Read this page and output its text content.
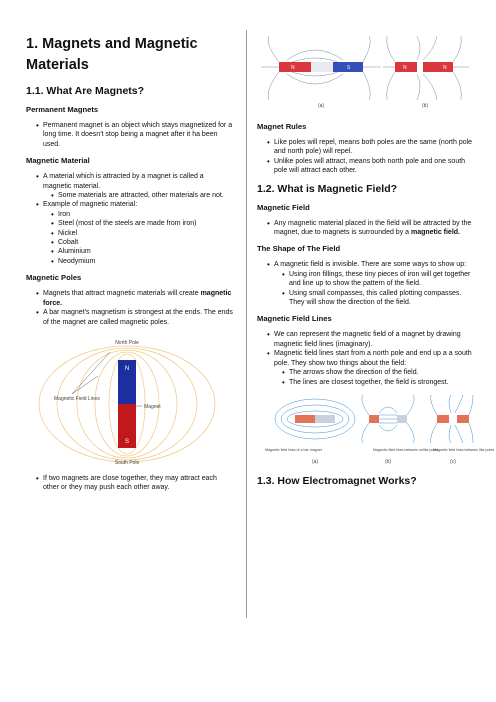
1. Magnets and Magnetic Materials
1.1. What Are Magnets?
Permanent Magnets
• Permanent magnet is an object which stays magnetized for a long time. It doesn't stop being a magnet after it ha been used.
Magnetic Material
• A material which is attracted by a magnet is called a magnetic material.
• Some materials are attracted, other materials are not.
• Example of magnetic material:
• Iron
• Steel (most of the steels are made from iron)
• Nickel
• Cobalt
• Aluminium
• Neodymium
Magnetic Poles
• Magnets that attract magnetic materials will create magnetic force.
• A bar magnet's magnetism is strongest at the ends. The ends of the magnet are called magnetic poles.
N
S
North Pole
South Pole
Magnetic Field Lines
Magnet
• If two magnets are close together, they may attract each other or they may push each other away.
N	S	N	N
(a)	(b)
Magnet Rules
• Like poles will repel, means both poles are the same (north pole and north pole) will repel.
• Unlike poles will attract, means both north pole and one south pole will attract each other.
1.2. What is Magnetic Field?
Magnetic Field
• Any magnetic material placed in the field will be attracted by the magnet, due to magnets is surrounded by a magnetic field.
The Shape of The Field
• A magnetic field is invisible. There are some ways to show up:
• Using iron fillings, these tiny pieces of iron will get together and line up to show the pattern of the field.
• Using small compasses, this called plotting compasses. They will show the direction of the field.
Magnetic Field Lines
• We can represent the magnetic field of a magnet by drawing magnetic field lines (imaginary).
• Magnetic field lines start from a north pole and end up a a south pole. They show two things about the field:
• The arrows show the direction of the field.
• The lines are closest together, the field is strongest.
Magnetic field lines of a bar magnet	Magnetic field lines between unlike poles
Magnetic field lines between like poles
(a)	(b)	(c)
1.3. How Electromagnet Works?
